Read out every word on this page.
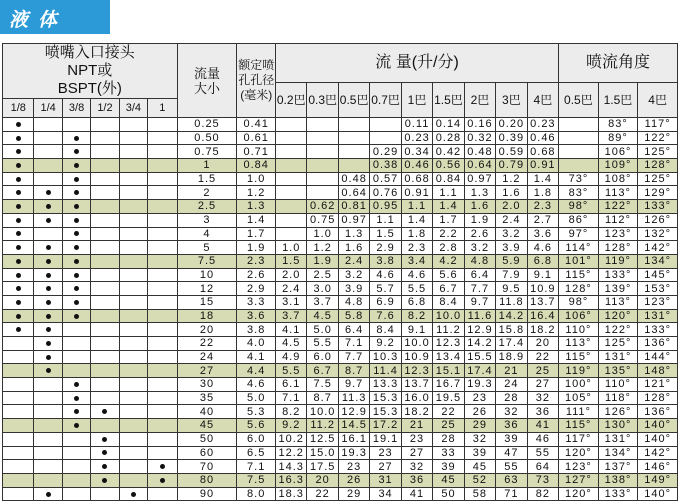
液体
喷嘴入口接头NPT或BSPT(外)						流量大小	额定喷孔孔径(毫米)	流 量(升/分)									喷流角度		
								0.2巴	0.3巴	0.5巴	0.7巴	1巴	1.5巴	2巴	3巴	4巴	0.5巴	1.5巴	4巴
1/8	1/4	3/8	1/2	3/4	1														
						0.25	0.41					0.11	0.14	0.16	0.20	0.23		83°	117°
						0.50	0.61					0.23	0.28	0.32	0.39	0.46		89°	122°
						0.75	0.71				0.29	0.34	0.42	0.48	0.59	0.68		106°	125°
						1	0.84				0.38	0.46	0.56	0.64	0.79	0.91		109°	128°
						1.5	1.0			0.48	0.57	0.68	0.84	0.97	1.2	1.4	73°	108°	125°
						2	1.2			0.64	0.76	0.91	1.1	1.3	1.6	1.8	83°	113°	129°
						2.5	1.3		0.62	0.81	0.95	1.1	1.4	1.6	2.0	2.3	98°	122°	133°
						3	1.4		0.75	0.97	1.1	1.4	1.7	1.9	2.4	2.7	86°	112°	126°
						4	1.7		1.0	1.3	1.5	1.8	2.2	2.6	3.2	3.6	97°	123°	132°
						5	1.9	1.0	1.2	1.6	2.9	2.3	2.8	3.2	3.9	4.6	114°	128°	142°
						7.5	2.3	1.5	1.9	2.4	3.8	3.4	4.2	4.8	5.9	6.8	101°	119°	134°
						10	2.6	2.0	2.5	3.2	4.6	4.6	5.6	6.4	7.9	9.1	115°	133°	145°
						12	2.9	2.4	3.0	3.9	5.7	5.5	6.7	7.7	9.5	10.9	128°	139°	153°
						15	3.3	3.1	3.7	4.8	6.9	6.8	8.4	9.7	11.8	13.7	98°	113°	123°
						18	3.6	3.7	4.5	5.8	7.6	8.2	10.0	11.6	14.2	16.4	106°	120°	131°
						20	3.8	4.1	5.0	6.4	8.4	9.1	11.2	12.9	15.8	18.2	110°	122°	133°
						22	4.0	4.5	5.5	7.1	9.2	10.0	12.3	14.2	17.4	20	113°	125°	136°
						24	4.1	4.9	6.0	7.7	10.3	10.9	13.4	15.5	18.9	22	115°	131°	144°
						27	4.4	5.5	6.7	8.7	11.4	12.3	15.1	17.4	21	25	119°	135°	148°
						30	4.6	6.1	7.5	9.7	13.3	13.7	16.7	19.3	24	27	100°	110°	121°
						35	5.0	7.1	8.7	11.3	15.3	16.0	19.5	23	28	32	105°	118°	128°
						40	5.3	8.2	10.0	12.9	15.3	18.2	22	26	32	36	111°	126°	136°
						45	5.6	9.2	11.2	14.5	17.2	21	25	29	36	41	115°	130°	140°
						50	6.0	10.2	12.5	16.1	19.1	23	28	32	39	46	117°	131°	140°
						60	6.5	12.2	15.0	19.3	23	27	33	39	47	55	120°	134°	142°
						70	7.1	14.3	17.5	23	27	32	39	45	55	64	123°	137°	146°
						80	7.5	16.3	20	26	31	36	45	52	63	73	127°	138°	149°
						90	8.0	18.3	22	29	34	41	50	58	71	82	120°	133°	140°
